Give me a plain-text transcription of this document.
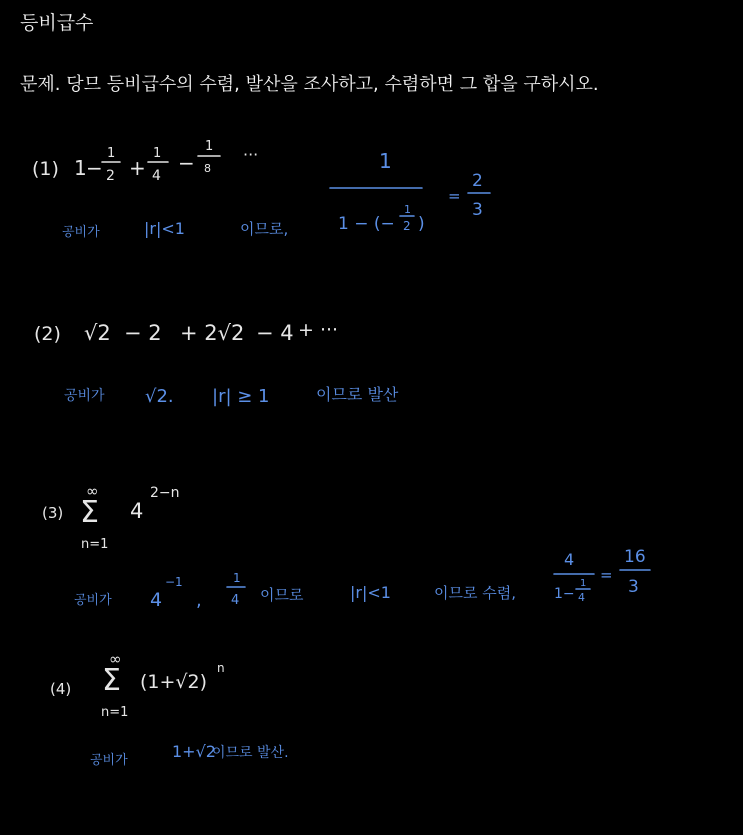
등비급수
문제. 당므 등비급수의 수렴, 발산을 조사하고, 수렴하면 그 합을 구하시오.
(1) 1 −
1
2 +
1
4
−
1
8
···
공비가	|r|<1	이므로,
1
1 − (−
1
2 )
=
2
3
(2) √2 − 2 + 2√2 − 4 + ···
공비가 √2. |r| ≥ 1	이므로 발산
(3)
∞
Σ
n=1
4
2−n
공비가 4
−1
,
1
4 이므로	|r|<1	이므로 수렴,
4
1−
1
4
=
16
3
(4)
∞
Σ
n=1
(1+√2)
n
공비가	1+√2
이므로 발산.
